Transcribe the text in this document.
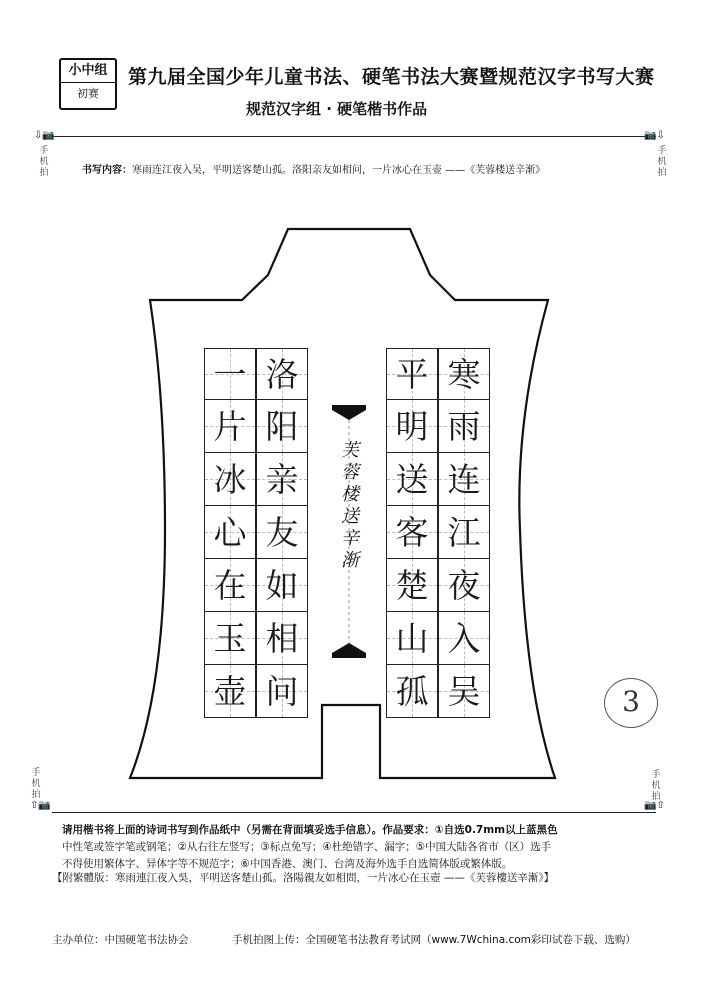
小中组
初赛
第九届全国少年儿童书法、硬笔书法大赛暨规范汉字书写大赛
规范汉字组 · 硬笔楷书作品
⇩📷	📷⇩
手机拍
手机拍
书写内容：寒雨连江夜入吴，平明送客楚山孤。洛阳亲友如相问，一片冰心在玉壶 ——《芙蓉楼送辛渐》
寒
雨
连
江
夜
入
吴
平
明
送
客
楚
山
孤
洛
阳
亲
友
如
相
问
一
片
冰
心
在
玉
壶
芙
蓉
楼
送
辛
渐
3
手机拍
手机拍
⇧📷	📷⇧

请用楷书将上面的诗词书写到作品纸中（另需在背面填妥选手信息）。作品要求：①自选0.7mm以上蓝黑色

中性笔或签字笔或钢笔；②从右往左竖写；③标点免写；④杜绝错字、漏字；⑤中国大陆各省市（区）选手

不得使用繁体字、异体字等不规范字；⑥中国香港、澳门、台湾及海外选手自选简体版或繁体版。

【附繁體版：寒雨連江夜入吳，平明送客楚山孤。洛陽親友如相問，一片冰心在玉壺 ——《芙蓉樓送辛漸》】
主办单位：中国硬笔书法协会	手机拍图上传：全国硬笔书法教育考试网（www.7Wchina.com彩印试卷下载、选购）
